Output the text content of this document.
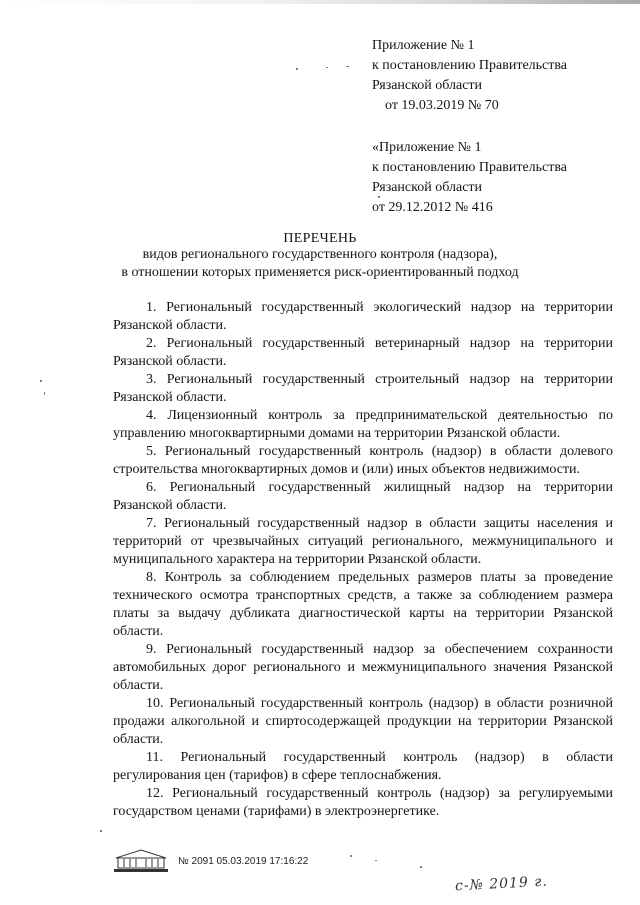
Приложение № 1
к постановлению Правительства
Рязанской области
от 19.03.2019 № 70
«Приложение № 1
к постановлению Правительства
Рязанской области
от 29.12.2012 № 416
ПЕРЕЧЕНЬ
видов регионального государственного контроля (надзора),
в отношении которых применяется риск-ориентированный подход

1. Региональный государственный экологический надзор на территории Рязанской области.

2. Региональный государственный ветеринарный надзор на территории Рязанской области.

3. Региональный государственный строительный надзор на территории Рязанской области.

4. Лицензионный контроль за предпринимательской деятельностью по управлению многоквартирными домами на территории Рязанской области.

5. Региональный государственный контроль (надзор) в области долевого строительства многоквартирных домов и (или) иных объектов недвижимости.

6. Региональный государственный жилищный надзор на территории Рязанской области.

7. Региональный государственный надзор в области защиты населения и территорий от чрезвычайных ситуаций регионального, межмуниципального и муниципального характера на территории Рязанской области.

8. Контроль за соблюдением предельных размеров платы за проведение технического осмотра транспортных средств, а также за соблюдением размера платы за выдачу дубликата диагностической карты на территории Рязанской области.

9. Региональный государственный надзор за обеспечением сохранности автомобильных дорог регионального и межмуниципального значения Рязанской области.

10. Региональный государственный контроль (надзор) в области розничной продажи алкогольной и спиртосодержащей продукции на территории Рязанской области.

11. Региональный государственный контроль (надзор) в области регулирования цен (тарифов) в сфере теплоснабжения.

12. Региональный государственный контроль (надзор) за регулируемыми государством ценами (тарифами) в электроэнергетике.

№ 2091 05.03.2019 17:16:22
с-№ 2019 г.
